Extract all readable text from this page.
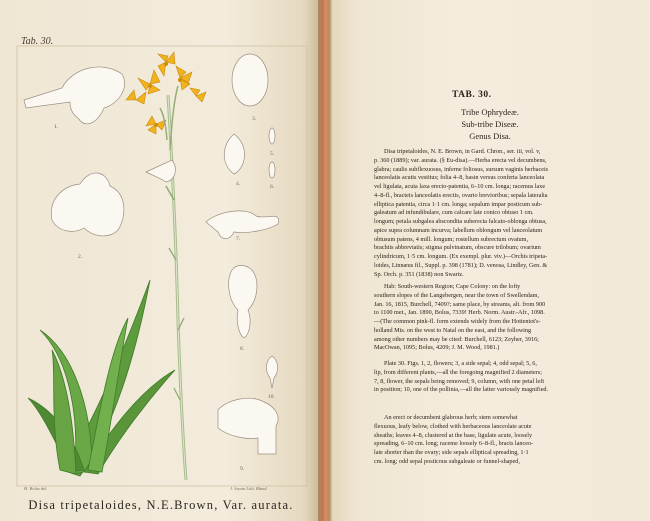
Tab. 30.
1.
2.
3.
4.
5.
6.
7.
8.
9.
10.
H. Bolus del.	J. Swain Lith. Bland
Disa tripetaloides, N.E.Brown, Var. aurata.
TAB. 30.
Tribe Ophrydeæ.
Sub-tribe Diseæ.
Genus Disa.
Disa tripetaloides, N. E. Brown, in Gard. Chron., ser. iii, vol. v,
p. 360 (1889); var. aurata. (§ Eu-disa).—Herba erecta vel decumbens,
glabra; caulis subflexuosus, inferne foliosus, sursum vaginis herbaceis
lanceolatis acutis vestitus; folia 4–8, basin versus conferta lanceolata
vel ligulata, acuta laxa erecto-patentia, 6–10 cm. longa; racemus laxe
4–8-fl., bracteis lanceolatis erectis, ovario brevioribus; sepala lateralia
elliptica patentia, circa 1·1 cm. longa; sepalum impar posticum sub-
galeatum ad infundibulare, cum calcare late conico obtuso 1 cm.
longum; petala subgalea abscondita suberecta falcato-oblonga obtusa,
apice supra columnam incurva; labellum oblongum vel lanceolatum
obtusum patens, 4 mill. longum; rostellum subrectum ovatum,
brachiis abbreviatis; stigma pulvinatum, obscure trilobum; ovarium
cylindricum, 1·5 cm. longum. (Ex exempl. plur. viv.)—Orchis tripeta-
loides, Linnæus fil., Suppl. p. 398 (1781); D. venosa, Lindley, Gen. &
Sp. Orch. p. 351 (1838) non Swartz.
Hab: South-western Region; Cape Colony: on the lofty
southern slopes of the Langebergen, near the town of Swellendam,
Jan. 16, 1815, Burchell, 7409?; same place, by streams, alt. from 900
to 1100 met., Jan. 1890, Bolus, 7339! Herb. Norm. Austr.-Afr., 1098.
—(The common pink-fl. form extends widely from the Hottentot's-
holland Mts. on the west to Natal on the east, and the following
among other numbers may be cited: Burchell, 6123; Zeyher, 3916;
MacOwan, 1095; Bolus, 4209; J. M. Wood, 1981.)
Plate 30. Figs. 1, 2, flowers; 3, a side sepal; 4, odd sepal; 5, 6,
lip, from different plants,—all the foregoing magnified 2 diameters;
7, 8, flower, the sepals being removed; 9, column, with one petal left
in position; 10, one of the pollinia,—all the latter variously magnified.
An erect or decumbent glabrous herb; stem somewhat
flexuous, leafy below, clothed with herbaceous lanceolate acute
sheaths; leaves 4–8, clustered at the base, ligulate acute, loosely
spreading, 6–10 cm. long; raceme loosely 6–8-fl., bracts lanceo-
late shorter than the ovary; side sepals elliptical spreading, 1·1
cm. long; odd sepal posticous subgaleate or funnel-shaped,
